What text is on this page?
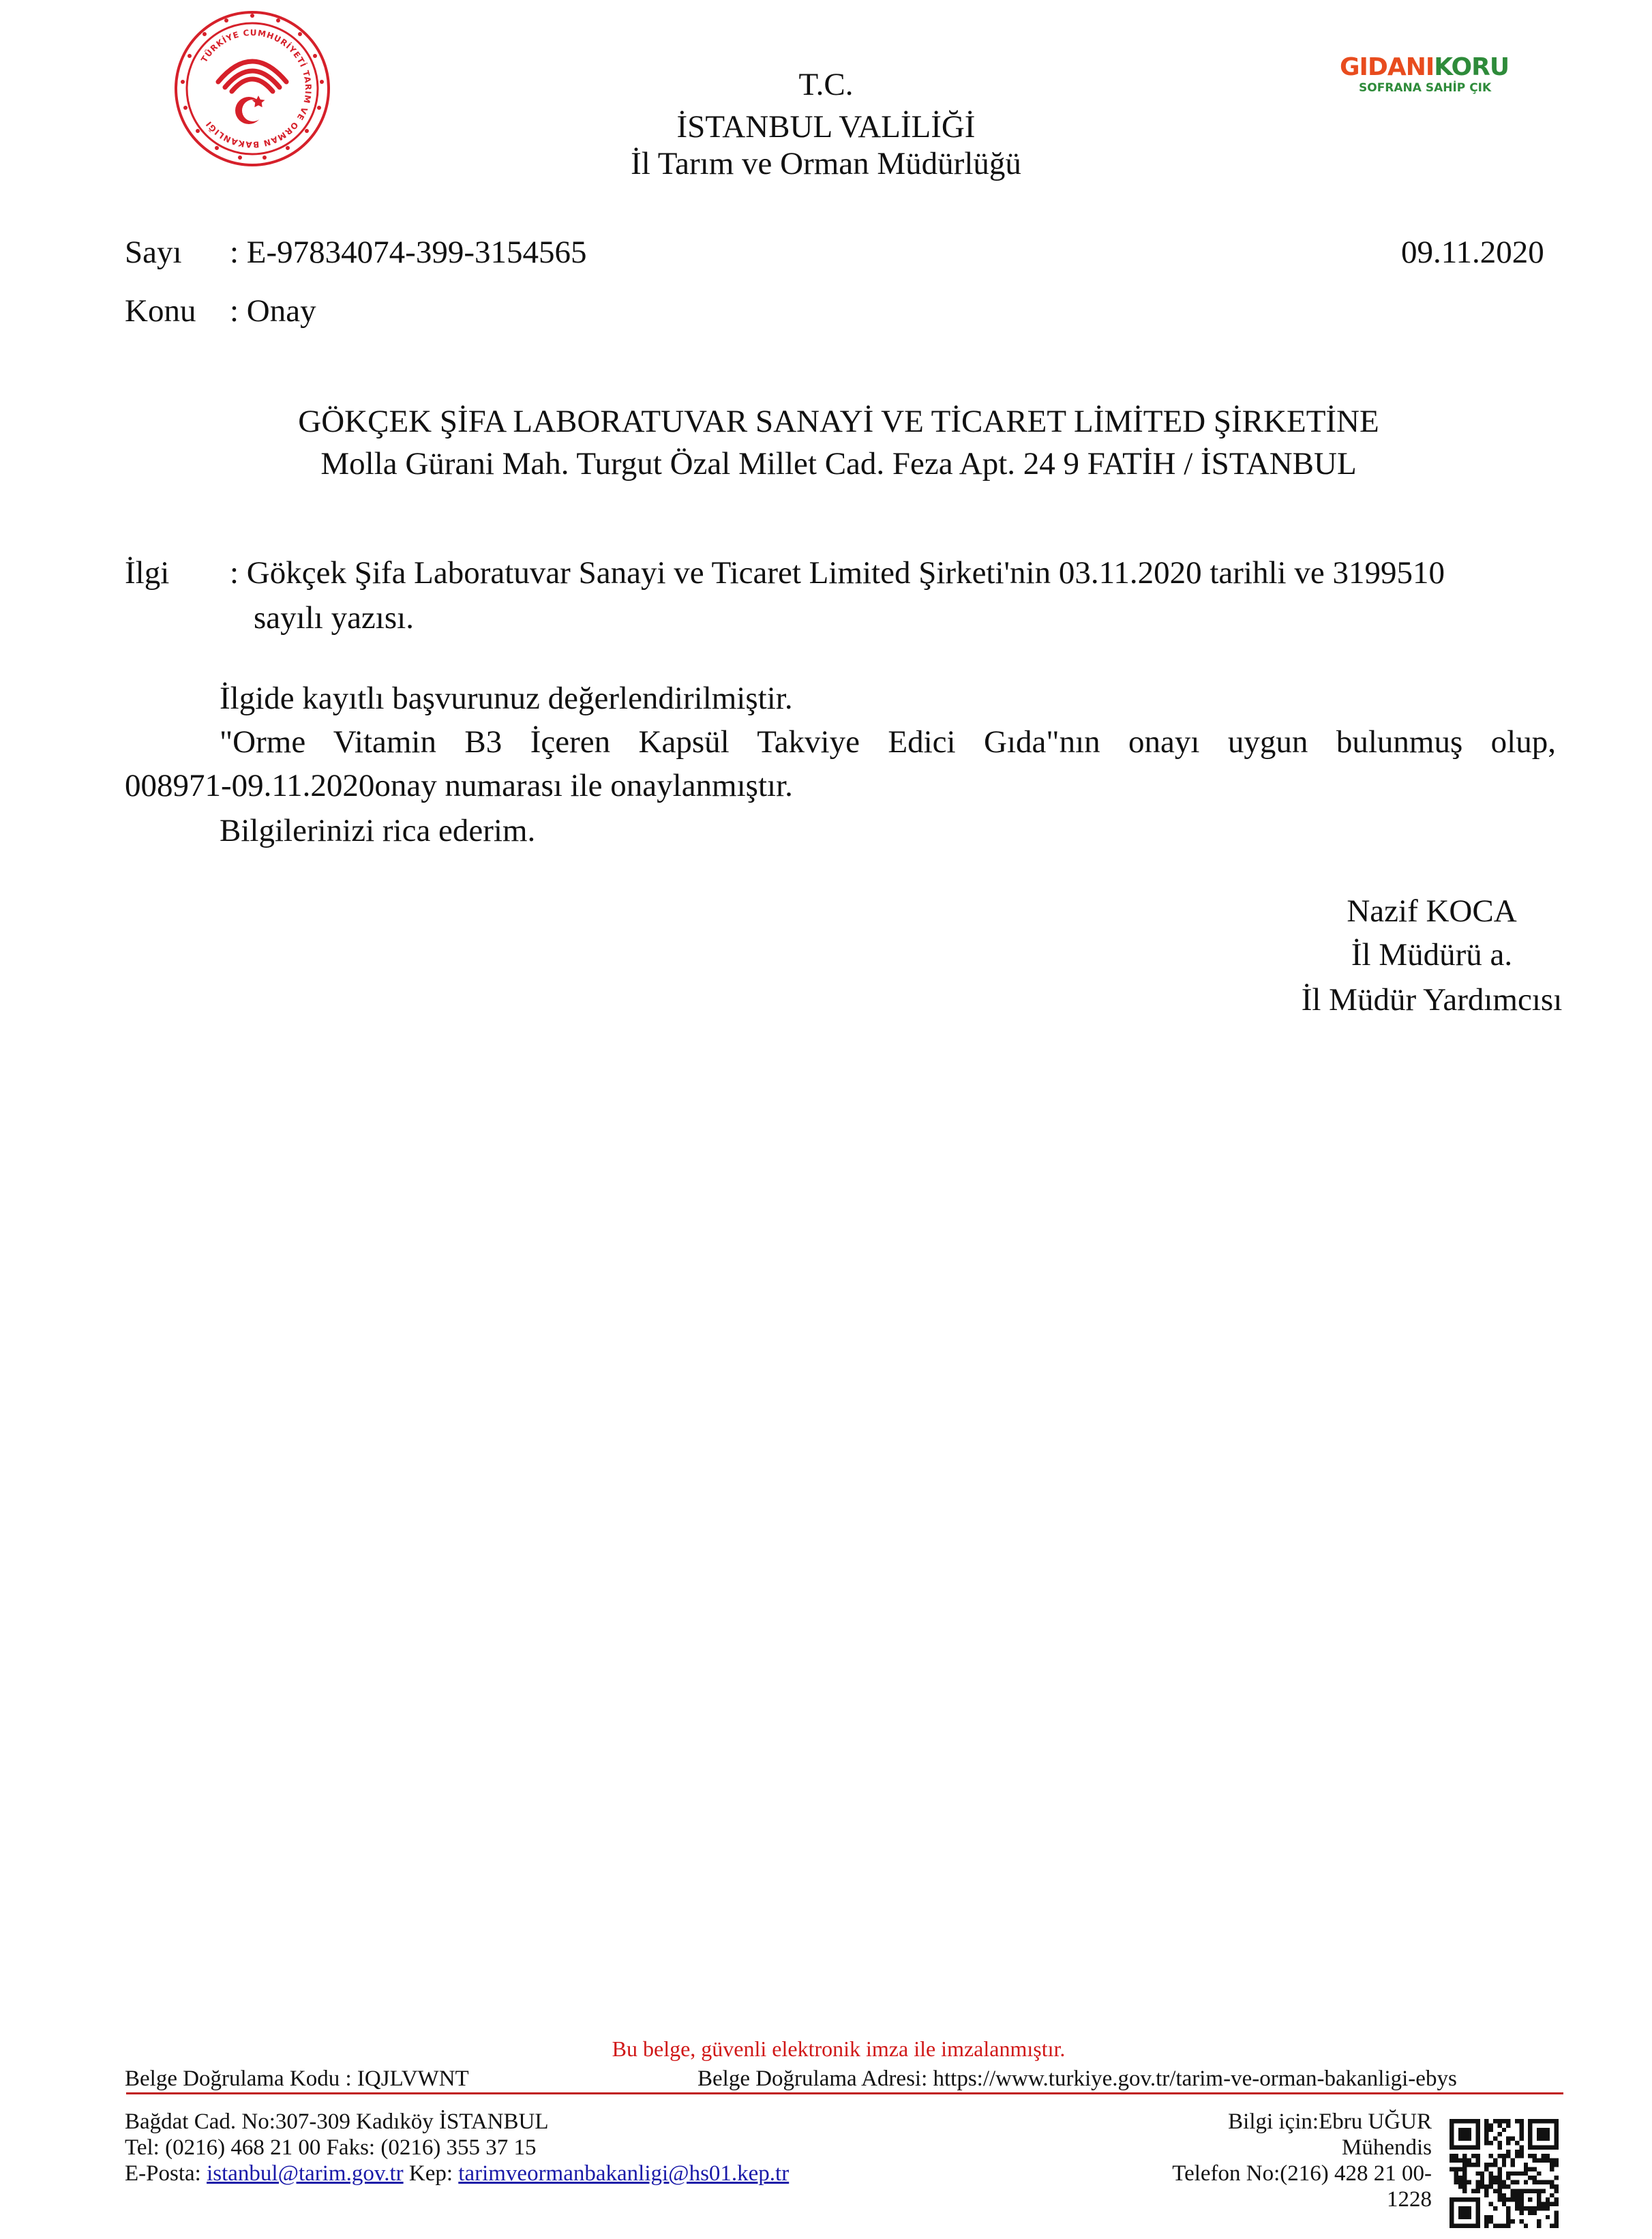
TÜRKİYE CUMHURİYETİ TARIM VE ORMAN BAKANLIĞI
GIDANIKORU
SOFRANA SAHİP ÇIK
T.C.
İSTANBUL VALİLİĞİ
İl Tarım ve Orman Müdürlüğü
Sayı : E-97834074-399-3154565	09.11.2020
Konu : Onay
GÖKÇEK ŞİFA LABORATUVAR SANAYİ VE TİCARET LİMİTED ŞİRKETİNE
Molla Gürani Mah. Turgut Özal Millet Cad. Feza Apt. 24 9 FATİH / İSTANBUL
İlgi : Gökçek Şifa Laboratuvar Sanayi ve Ticaret Limited Şirketi'nin 03.11.2020 tarihli ve 3199510
sayılı yazısı.
İlgide kayıtlı başvurunuz değerlendirilmiştir.
"Orme Vitamin B3 İçeren Kapsül Takviye Edici Gıda"nın onayı uygun bulunmuş olup,
008971-09.11.2020onay numarası ile onaylanmıştır.
Bilgilerinizi rica ederim.
Nazif KOCA
İl Müdürü a.
İl Müdür Yardımcısı
Bu belge, güvenli elektronik imza ile imzalanmıştır.
Belge Doğrulama Kodu : IQJLVWNT	Belge Doğrulama Adresi: https://www.turkiye.gov.tr/tarim-ve-orman-bakanligi-ebys
Bağdat Cad. No:307-309 Kadıköy İSTANBUL
Tel: (0216) 468 21 00 Faks: (0216) 355 37 15
E-Posta: istanbul@tarim.gov.tr Kep: tarimveormanbakanligi@hs01.kep.tr
Bilgi için:Ebru UĞUR
Mühendis
Telefon No:(216) 428 21 00-
1228
